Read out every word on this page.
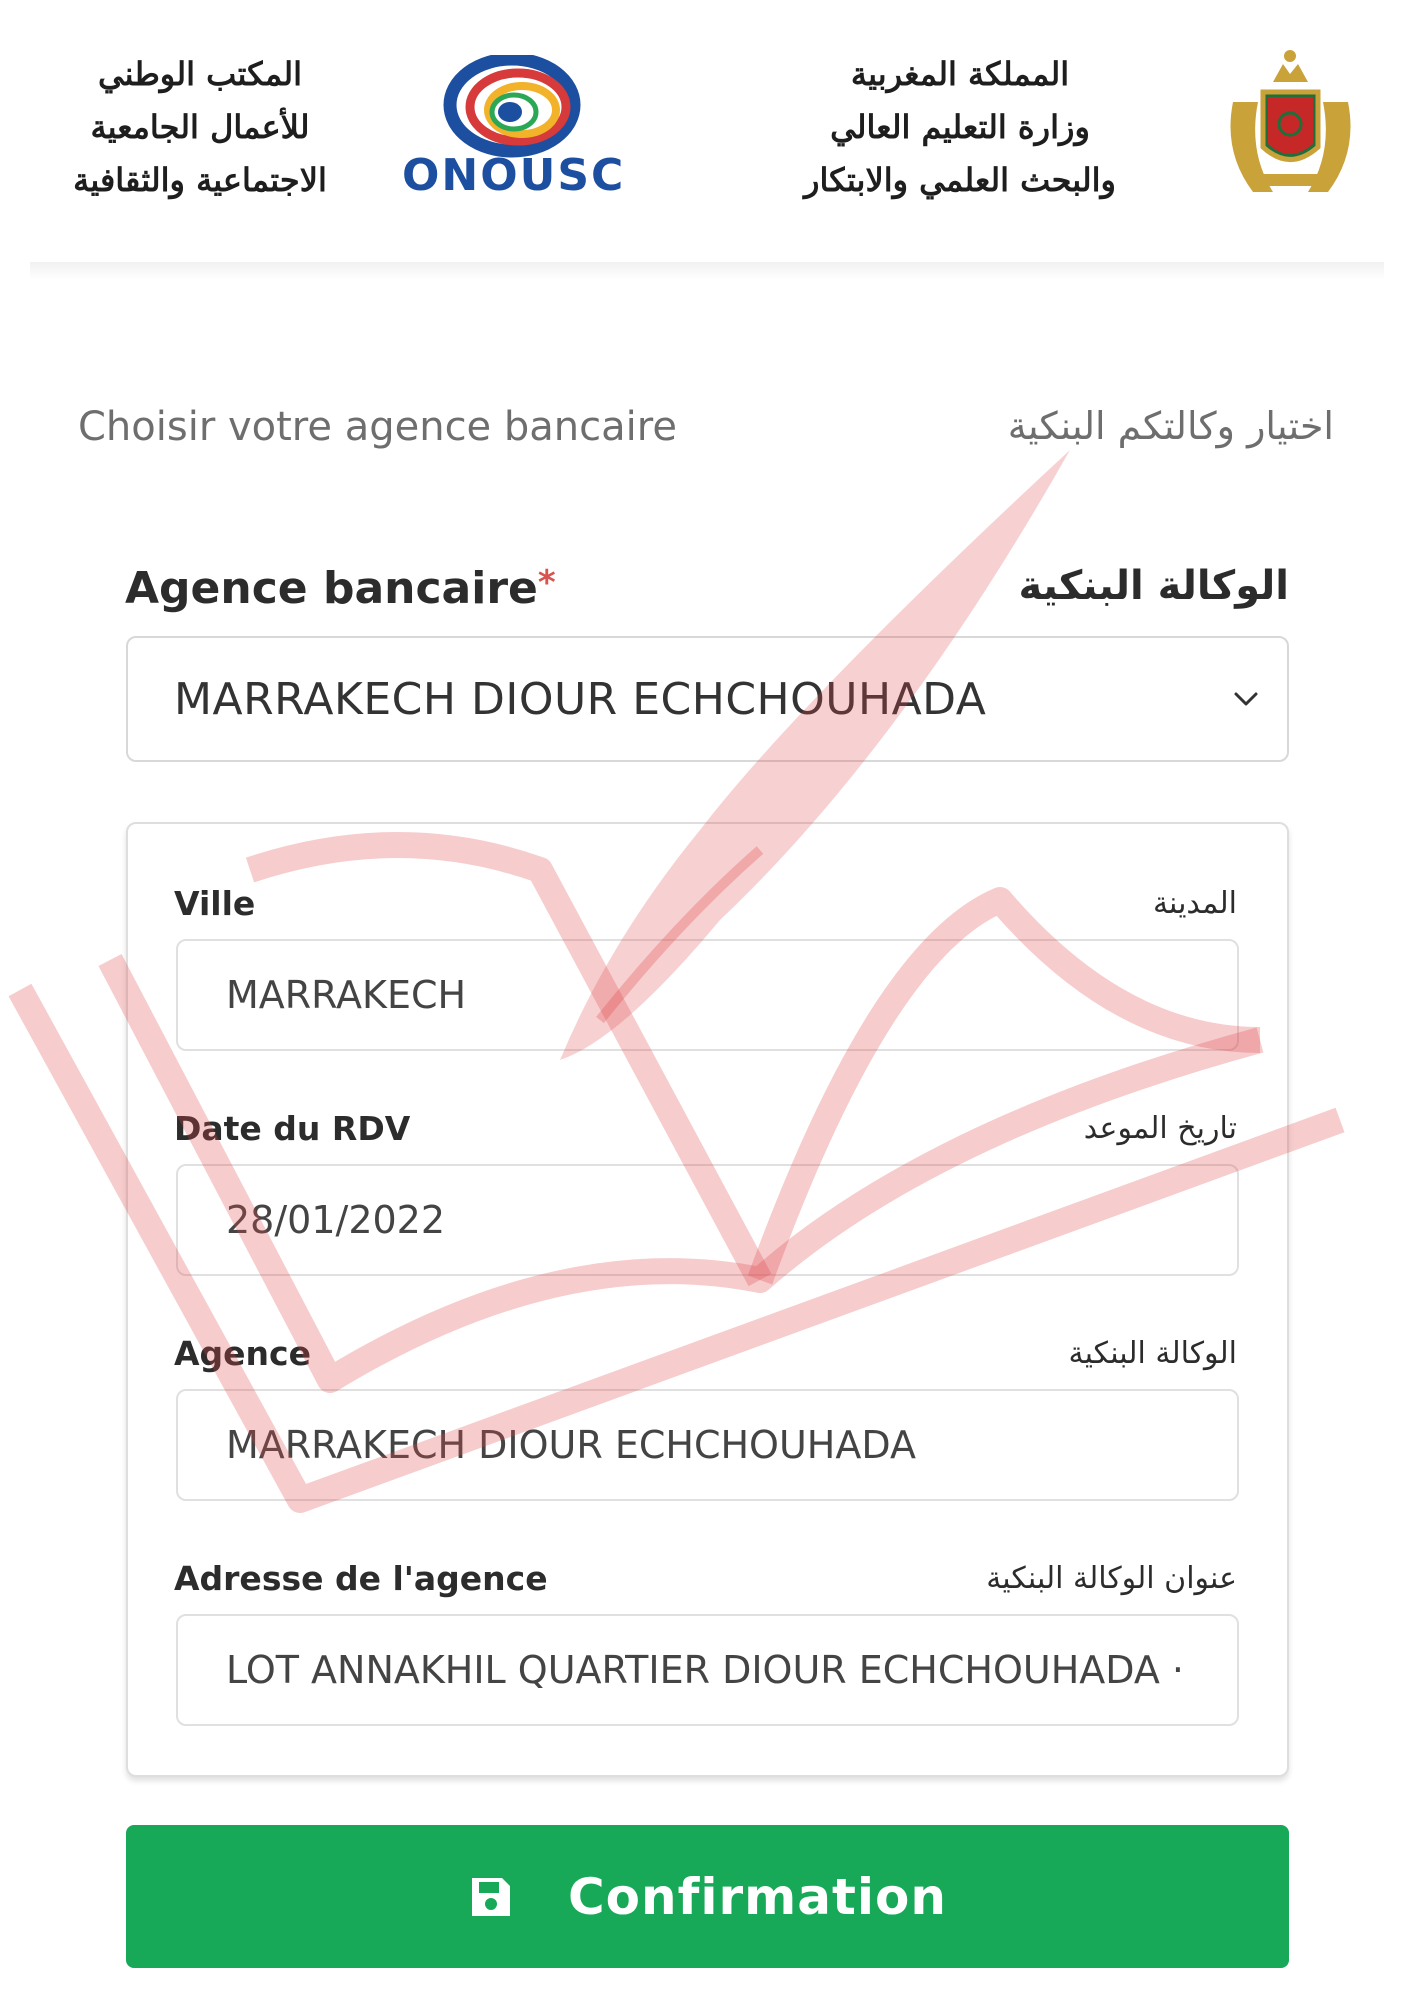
المملكة المغربية
وزارة التعليم العالي
والبحث العلمي والابتكار
ONOUSC
المكتب الوطني
للأعمال الجامعية
الاجتماعية والثقافية
Choisir votre agence bancaire	اختيار وكالتكم البنكية
Agence bancaire*	الوكالة البنكية
MARRAKECH DIOUR ECHCHOUHADA
Ville	المدينة
MARRAKECH
Date du RDV	تاريخ الموعد
28/01/2022
Agence	الوكالة البنكية
MARRAKECH DIOUR ECHCHOUHADA
Adresse de l'agence	عنوان الوكالة البنكية
LOT ANNAKHIL QUARTIER DIOUR ECHCHOUHADA ·
Confirmation
